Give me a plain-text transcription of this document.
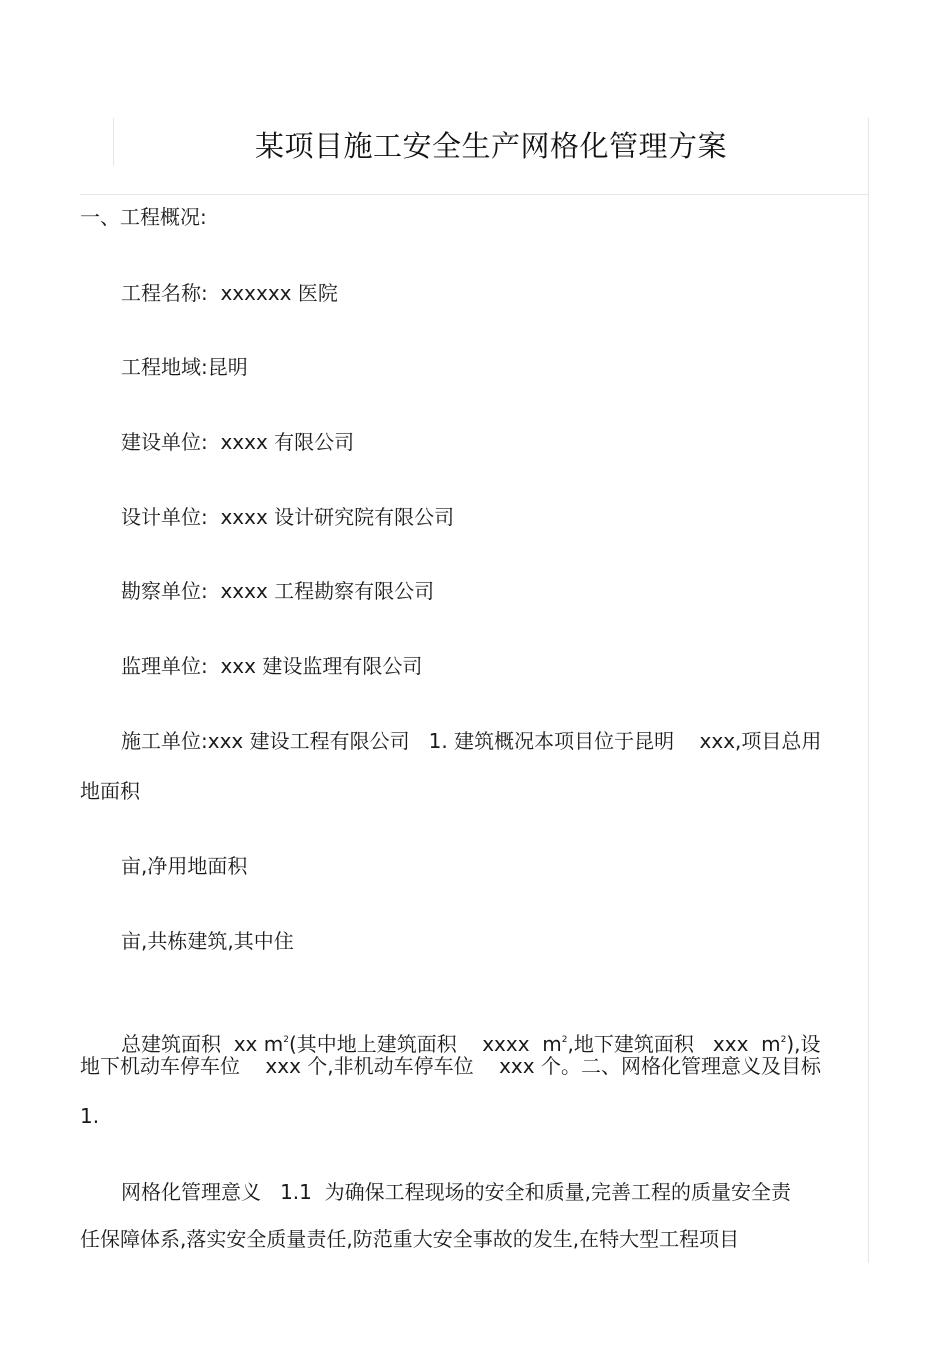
某项目施工安全生产网格化管理方案
一、工程概况:
工程名称: xxxxxx 医院
工程地域:昆明
建设单位: xxxx 有限公司
设计单位: xxxx 设计研究院有限公司
勘察单位: xxxx 工程勘察有限公司
监理单位: xxx 建设监理有限公司
施工单位:xxx 建设工程有限公司   1. 建筑概况本项目位于昆明    xxx,项目总用
地面积
亩,净用地面积
亩,共栋建筑,其中住

总建筑面积  xx $m^2$(其中地上建筑面积    xxxx  $m^2$,地下建筑面积   xxx  $m^2$),设
地下机动车停车位    xxx 个,非机动车停车位    xxx 个。二、网格化管理意义及目标
1.
网格化管理意义   1.1  为确保工程现场的安全和质量,完善工程的质量安全责
任保障体系,落实安全质量责任,防范重大安全事故的发生,在特大型工程项目
